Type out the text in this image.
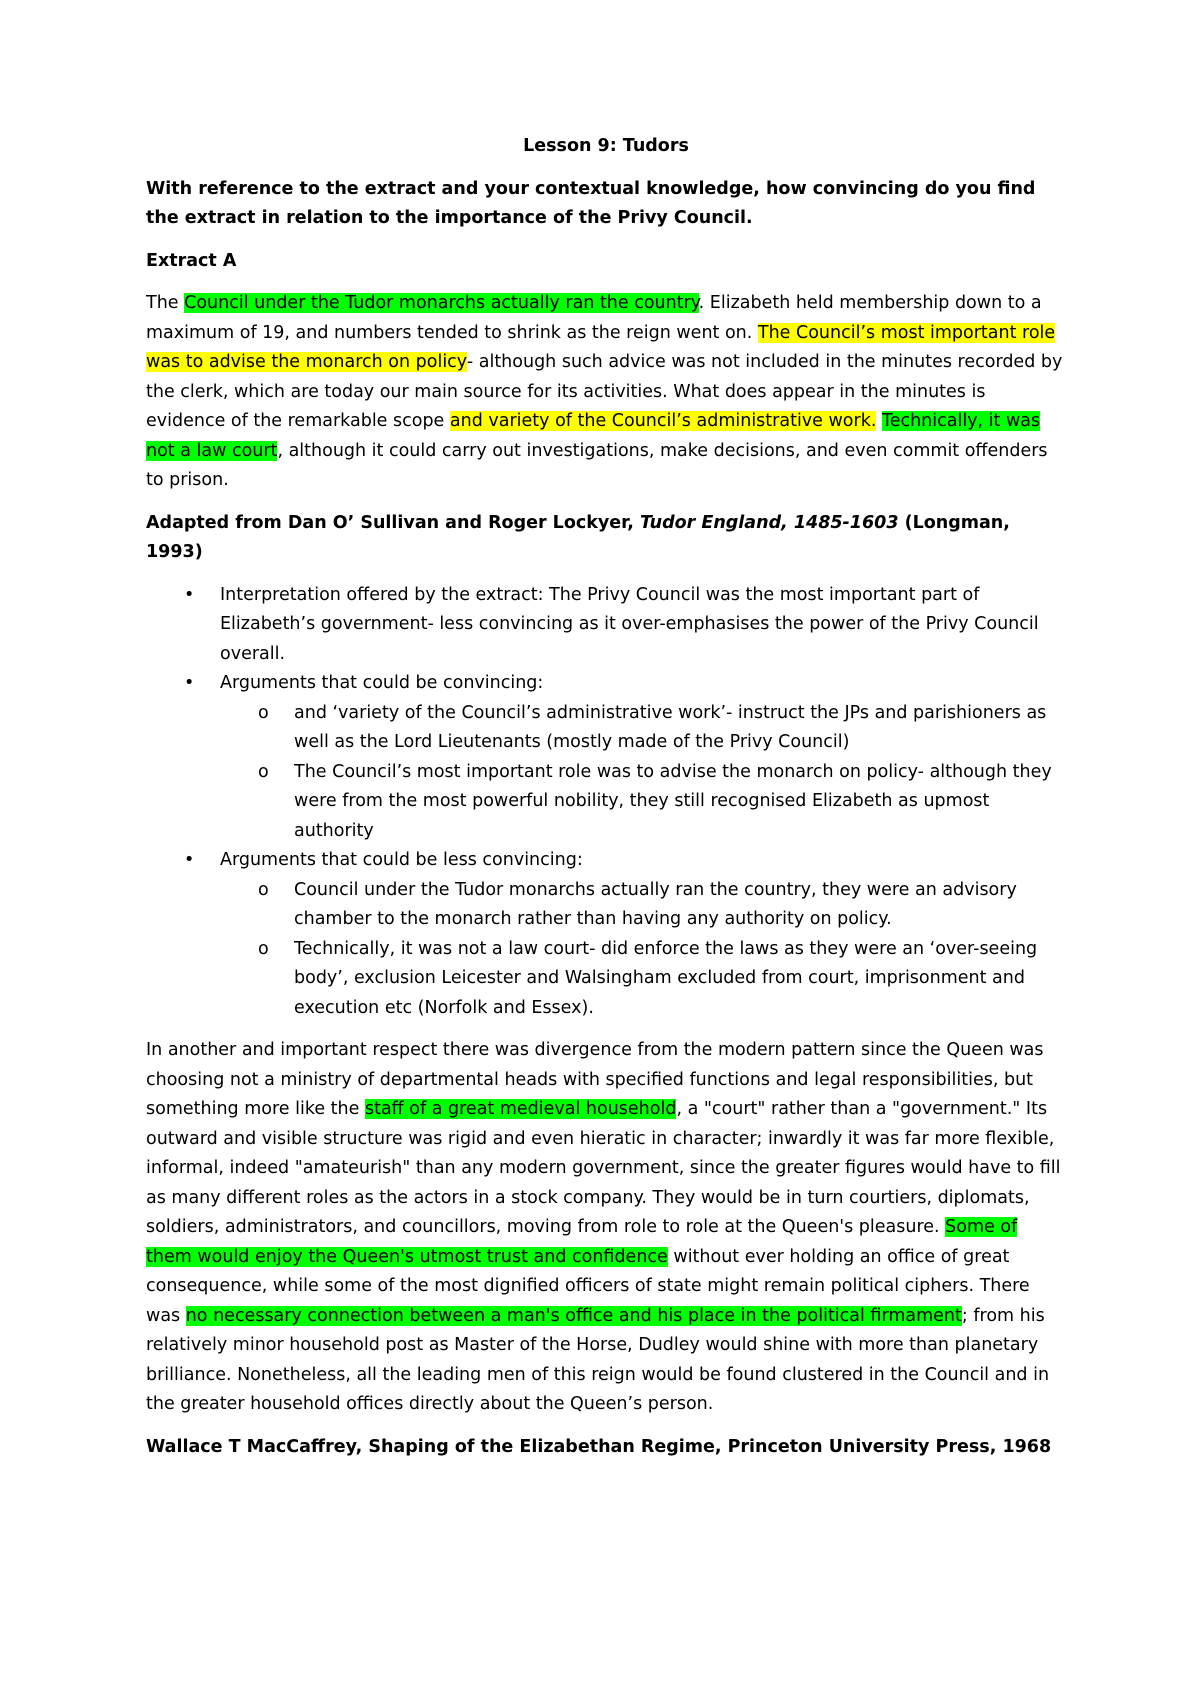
Lesson 9: Tudors

With reference to the extract and your contextual knowledge, how convincing do you find the extract in relation to the importance of the Privy Council.

Extract A

The Council under the Tudor monarchs actually ran the country. Elizabeth held membership down to a maximum of 19, and numbers tended to shrink as the reign went on. The Council’s most important role was to advise the monarch on policy- although such advice was not included in the minutes recorded by the clerk, which are today our main source for its activities. What does appear in the minutes is evidence of the remarkable scope and variety of the Council’s administrative work. Technically, it was not a law court, although it could carry out investigations, make decisions, and even commit offenders to prison.

Adapted from Dan O’ Sullivan and Roger Lockyer, Tudor England, 1485-1603 (Longman, 1993)

• Interpretation offered by the extract: The Privy Council was the most important part of Elizabeth’s government- less convincing as it over-emphasises the power of the Privy Council overall.
• Arguments that could be convincing:
o and ‘variety of the Council’s administrative work’- instruct the JPs and parishioners as well as the Lord Lieutenants (mostly made of the Privy Council)
o The Council’s most important role was to advise the monarch on policy- although they were from the most powerful nobility, they still recognised Elizabeth as upmost authority
• Arguments that could be less convincing:
o Council under the Tudor monarchs actually ran the country, they were an advisory chamber to the monarch rather than having any authority on policy.
o Technically, it was not a law court- did enforce the laws as they were an ‘over-seeing body’, exclusion Leicester and Walsingham excluded from court, imprisonment and execution etc (Norfolk and Essex).

In another and important respect there was divergence from the modern pattern since the Queen was choosing not a ministry of departmental heads with specified functions and legal responsibilities, but something more like the staff of a great medieval household, a "court" rather than a "government." Its outward and visible structure was rigid and even hieratic in character; inwardly it was far more flexible, informal, indeed "amateurish" than any modern government, since the greater figures would have to fill as many different roles as the actors in a stock company. They would be in turn courtiers, diplomats, soldiers, administrators, and councillors, moving from role to role at the Queen's pleasure. Some of them would enjoy the Queen's utmost trust and confidence without ever holding an office of great consequence, while some of the most dignified officers of state might remain political ciphers. There was no necessary connection between a man's office and his place in the political firmament; from his relatively minor household post as Master of the Horse, Dudley would shine with more than planetary brilliance. Nonetheless, all the leading men of this reign would be found clustered in the Council and in the greater household offices directly about the Queen’s person.

Wallace T MacCaffrey, Shaping of the Elizabethan Regime, Princeton University Press, 1968
